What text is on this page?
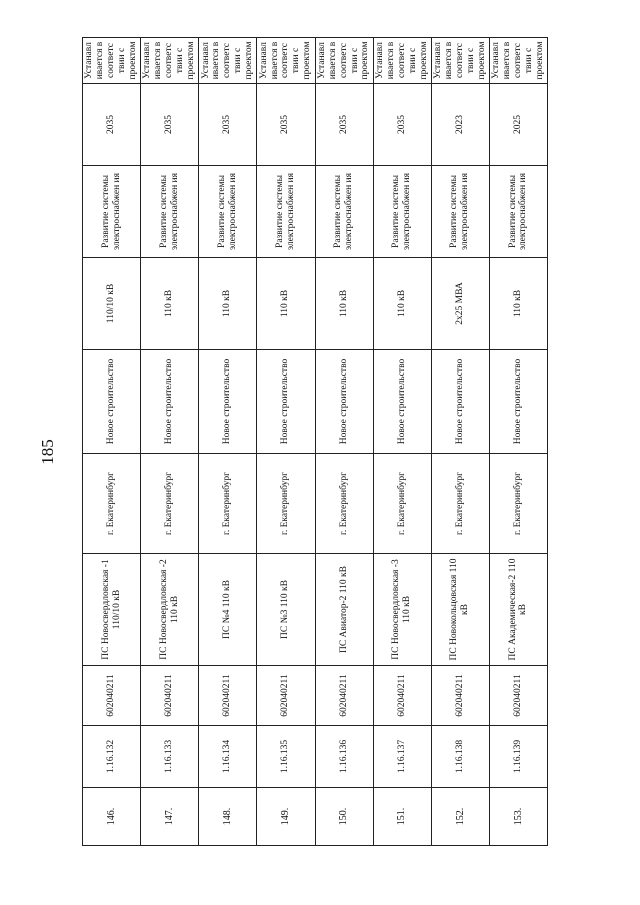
185
146.	1.16.132	602040211	ПС Новосвердловская -1 110/10 кВ	г. Екатеринбург	Новое строительство	110/10 кВ	Развитие системы электроснабжен ия	2035	Устанавливается в соответствии с проектом
147.	1.16.133	602040211	ПС Новосвердловская -2 110 кВ	г. Екатеринбург	Новое строительство	110 кВ	Развитие системы электроснабжен ия	2035	Устанавливается в соответствии с проектом
148.	1.16.134	602040211	ПС №4 110 кВ	г. Екатеринбург	Новое строительство	110 кВ	Развитие системы электроснабжен ия	2035	Устанавливается в соответствии с проектом
149.	1.16.135	602040211	ПС №3 110 кВ	г. Екатеринбург	Новое строительство	110 кВ	Развитие системы электроснабжен ия	2035	Устанавливается в соответствии с проектом
150.	1.16.136	602040211	ПС Авиатор-2 110 кВ	г. Екатеринбург	Новое строительство	110 кВ	Развитие системы электроснабжен ия	2035	Устанавливается в соответствии с проектом
151.	1.16.137	602040211	ПС Новосвердловская -3 110 кВ	г. Екатеринбург	Новое строительство	110 кВ	Развитие системы электроснабжен ия	2035	Устанавливается в соответствии с проектом
152.	1.16.138	602040211	ПС Новокольцовская 110 кВ	г. Екатеринбург	Новое строительство	2x25 МВА	Развитие системы электроснабжен ия	2023	Устанавливается в соответствии с проектом
153.	1.16.139	602040211	ПС Академическая-2 110 кВ	г. Екатеринбург	Новое строительство	110 кВ	Развитие системы электроснабжен ия	2025	Устанавливается в соответствии с проектом
